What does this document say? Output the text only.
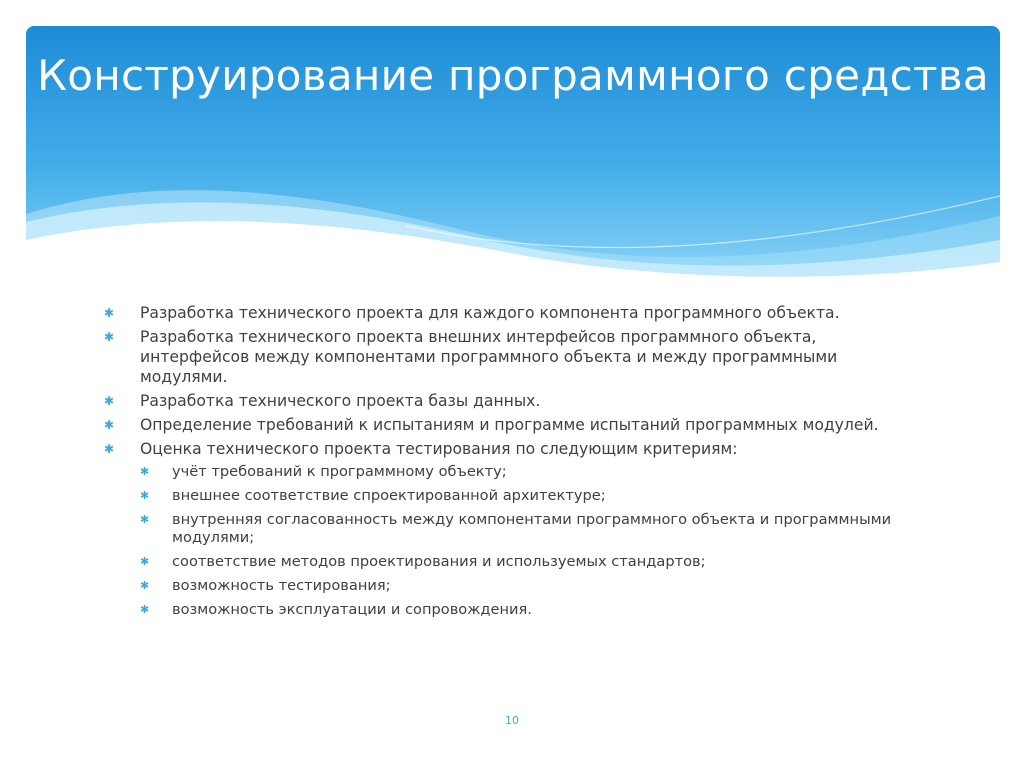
Конструирование программного средства
✱ Разработка технического проекта для каждого компонента программного объекта.
✱ Разработка технического проекта внешних интерфейсов программного объекта, интерфейсов между компонентами программного объекта и между программными модулями.
✱ Разработка технического проекта базы данных.
✱ Определение требований к испытаниям и программе испытаний программных модулей.
✱ Оценка технического проекта тестирования по следующим критериям:
✱ учёт требований к программному объекту;
✱ внешнее соответствие спроектированной архитектуре;
✱ внутренняя согласованность между компонентами программного объекта и программными модулями;
✱ соответствие методов проектирования и используемых стандартов;
✱ возможность тестирования;
✱ возможность эксплуатации и сопровождения.
10
